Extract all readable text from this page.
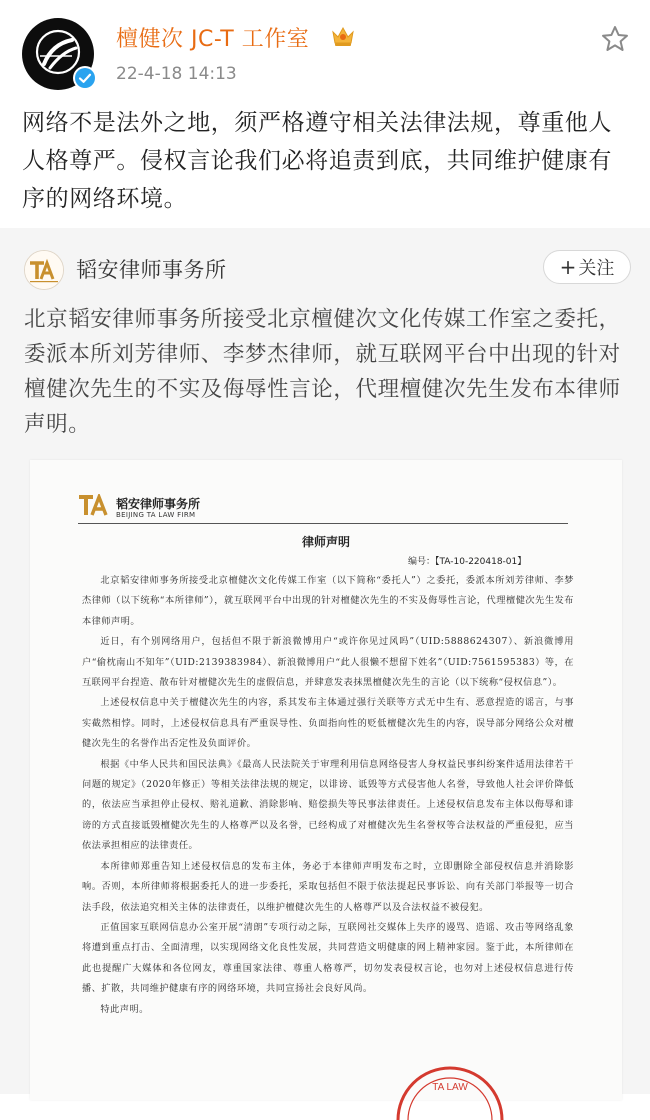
檀健次 JC-T 工作室
22-4-18 14:13
网络不是法外之地，须严格遵守相关法律法规，尊重他人人格尊严。侵权言论我们必将追责到底，共同维护健康有序的网络环境。
韬安律师事务所	+ 关注
北京韬安律师事务所接受北京檀健次文化传媒工作室之委托，委派本所刘芳律师、李梦杰律师，就互联网平台中出现的针对檀健次先生的不实及侮辱性言论，代理檀健次先生发布本律师声明。
韬安律师事务所
BEIJING TA LAW FIRM
律师声明
编号：【TA-10-220418-01】

北京韬安律师事务所接受北京檀健次文化传媒工作室（以下简称“委托人”）之委托，委派本所刘芳律师、李梦杰律师（以下统称“本所律师”），就互联网平台中出现的针对檀健次先生的不实及侮辱性言论，代理檀健次先生发布本律师声明。

近日，有个别网络用户，包括但不限于新浪微博用户“或许你见过风吗”（UID:5888624307）、新浪微博用户“偷枕南山不知年”（UID:2139383984）、新浪微博用户“此人很懒不想留下姓名”（UID:7561595383）等，在互联网平台捏造、散布针对檀健次先生的虚假信息，并肆意发表抹黑檀健次先生的言论（以下统称“侵权信息”）。

上述侵权信息中关于檀健次先生的内容，系其发布主体通过强行关联等方式无中生有、恶意捏造的谣言，与事实截然相悖。同时，上述侵权信息具有严重误导性、负面指向性的贬低檀健次先生的内容，误导部分网络公众对檀健次先生的名誉作出否定性及负面评价。

根据《中华人民共和国民法典》《最高人民法院关于审理利用信息网络侵害人身权益民事纠纷案件适用法律若干问题的规定》（2020年修正）等相关法律法规的规定，以诽谤、诋毁等方式侵害他人名誉，导致他人社会评价降低的，依法应当承担停止侵权、赔礼道歉、消除影响、赔偿损失等民事法律责任。上述侵权信息发布主体以侮辱和诽谤的方式直接诋毁檀健次先生的人格尊严以及名誉，已经构成了对檀健次先生名誉权等合法权益的严重侵犯，应当依法承担相应的法律责任。

本所律师郑重告知上述侵权信息的发布主体，务必于本律师声明发布之时，立即删除全部侵权信息并消除影响。否则，本所律师将根据委托人的进一步委托，采取包括但不限于依法提起民事诉讼、向有关部门举报等一切合法手段，依法追究相关主体的法律责任，以维护檀健次先生的人格尊严以及合法权益不被侵犯。

正值国家互联网信息办公室开展“清朗”专项行动之际，互联网社交媒体上失序的谩骂、造谣、攻击等网络乱象将遭到重点打击、全面清理，以实现网络文化良性发展，共同营造文明健康的网上精神家园。鉴于此，本所律师在此也提醒广大媒体和各位网友，尊重国家法律、尊重人格尊严，切勿发表侵权言论，也勿对上述侵权信息进行传播、扩散，共同维护健康有序的网络环境，共同宣扬社会良好风尚。

特此声明。

TA LAW
